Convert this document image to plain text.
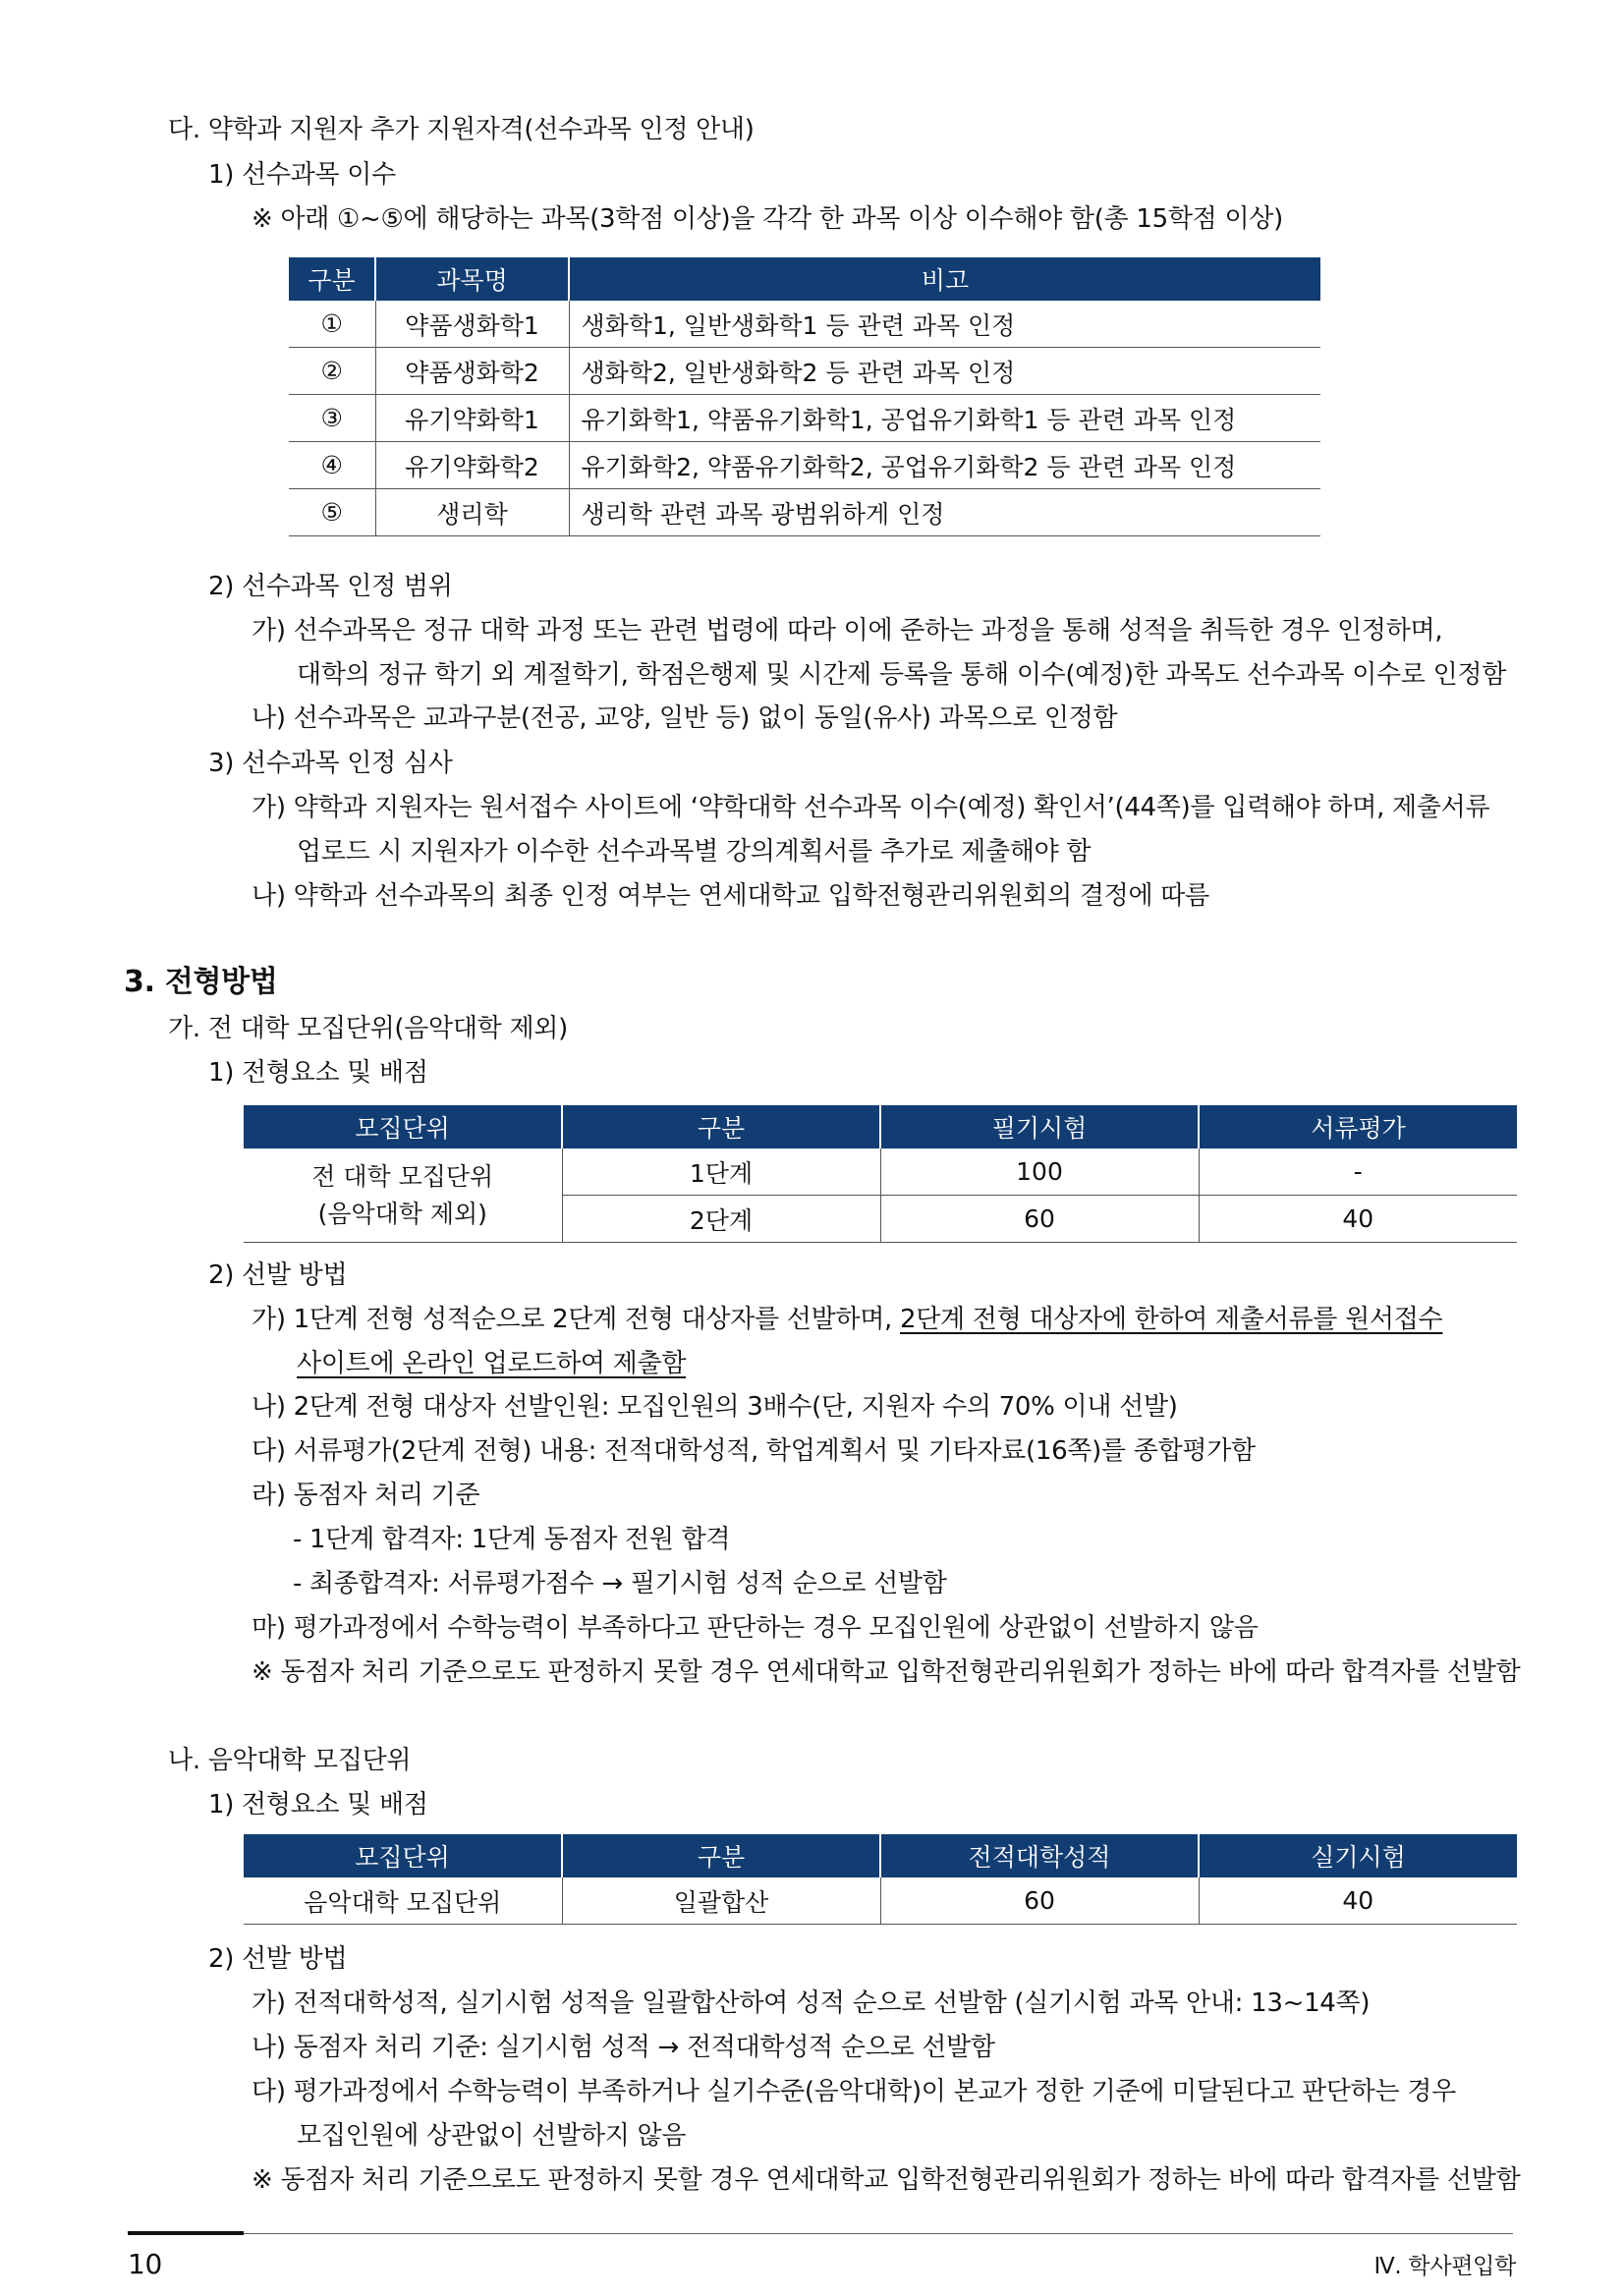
다. 약학과 지원자 추가 지원자격(선수과목 인정 안내)
1) 선수과목 이수
※ 아래 ①~⑤에 해당하는 과목(3학점 이상)을 각각 한 과목 이상 이수해야 함(총 15학점 이상)
구분	과목명	비고
①	약품생화학1	생화학1, 일반생화학1 등 관련 과목 인정
②	약품생화학2	생화학2, 일반생화학2 등 관련 과목 인정
③	유기약화학1	유기화학1, 약품유기화학1, 공업유기화학1 등 관련 과목 인정
④	유기약화학2	유기화학2, 약품유기화학2, 공업유기화학2 등 관련 과목 인정
⑤	생리학	생리학 관련 과목 광범위하게 인정
2) 선수과목 인정 범위
가) 선수과목은 정규 대학 과정 또는 관련 법령에 따라 이에 준하는 과정을 통해 성적을 취득한 경우 인정하며,
대학의 정규 학기 외 계절학기, 학점은행제 및 시간제 등록을 통해 이수(예정)한 과목도 선수과목 이수로 인정함
나) 선수과목은 교과구분(전공, 교양, 일반 등) 없이 동일(유사) 과목으로 인정함
3) 선수과목 인정 심사
가) 약학과 지원자는 원서접수 사이트에 ‘약학대학 선수과목 이수(예정) 확인서’(44쪽)를 입력해야 하며, 제출서류
업로드 시 지원자가 이수한 선수과목별 강의계획서를 추가로 제출해야 함
나) 약학과 선수과목의 최종 인정 여부는 연세대학교 입학전형관리위원회의 결정에 따름
3. 전형방법
가. 전 대학 모집단위(음악대학 제외)
1) 전형요소 및 배점
모집단위	구분	필기시험	서류평가

전 대학 모집단위
(음악대학 제외)	1단계	100	-
	2단계	60	40
2) 선발 방법
가) 1단계 전형 성적순으로 2단계 전형 대상자를 선발하며, 2단계 전형 대상자에 한하여 제출서류를 원서접수
사이트에 온라인 업로드하여 제출함
나) 2단계 전형 대상자 선발인원: 모집인원의 3배수(단, 지원자 수의 70% 이내 선발)
다) 서류평가(2단계 전형) 내용: 전적대학성적, 학업계획서 및 기타자료(16쪽)를 종합평가함
라) 동점자 처리 기준
- 1단계 합격자: 1단계 동점자 전원 합격
- 최종합격자: 서류평가점수 → 필기시험 성적 순으로 선발함
마) 평가과정에서 수학능력이 부족하다고 판단하는 경우 모집인원에 상관없이 선발하지 않음
※ 동점자 처리 기준으로도 판정하지 못할 경우 연세대학교 입학전형관리위원회가 정하는 바에 따라 합격자를 선발함
나. 음악대학 모집단위
1) 전형요소 및 배점
모집단위	구분	전적대학성적	실기시험
음악대학 모집단위	일괄합산	60	40
2) 선발 방법
가) 전적대학성적, 실기시험 성적을 일괄합산하여 성적 순으로 선발함 (실기시험 과목 안내: 13~14쪽)
나) 동점자 처리 기준: 실기시험 성적 → 전적대학성적 순으로 선발함
다) 평가과정에서 수학능력이 부족하거나 실기수준(음악대학)이 본교가 정한 기준에 미달된다고 판단하는 경우
모집인원에 상관없이 선발하지 않음
※ 동점자 처리 기준으로도 판정하지 못할 경우 연세대학교 입학전형관리위원회가 정하는 바에 따라 합격자를 선발함
10	Ⅳ. 학사편입학
